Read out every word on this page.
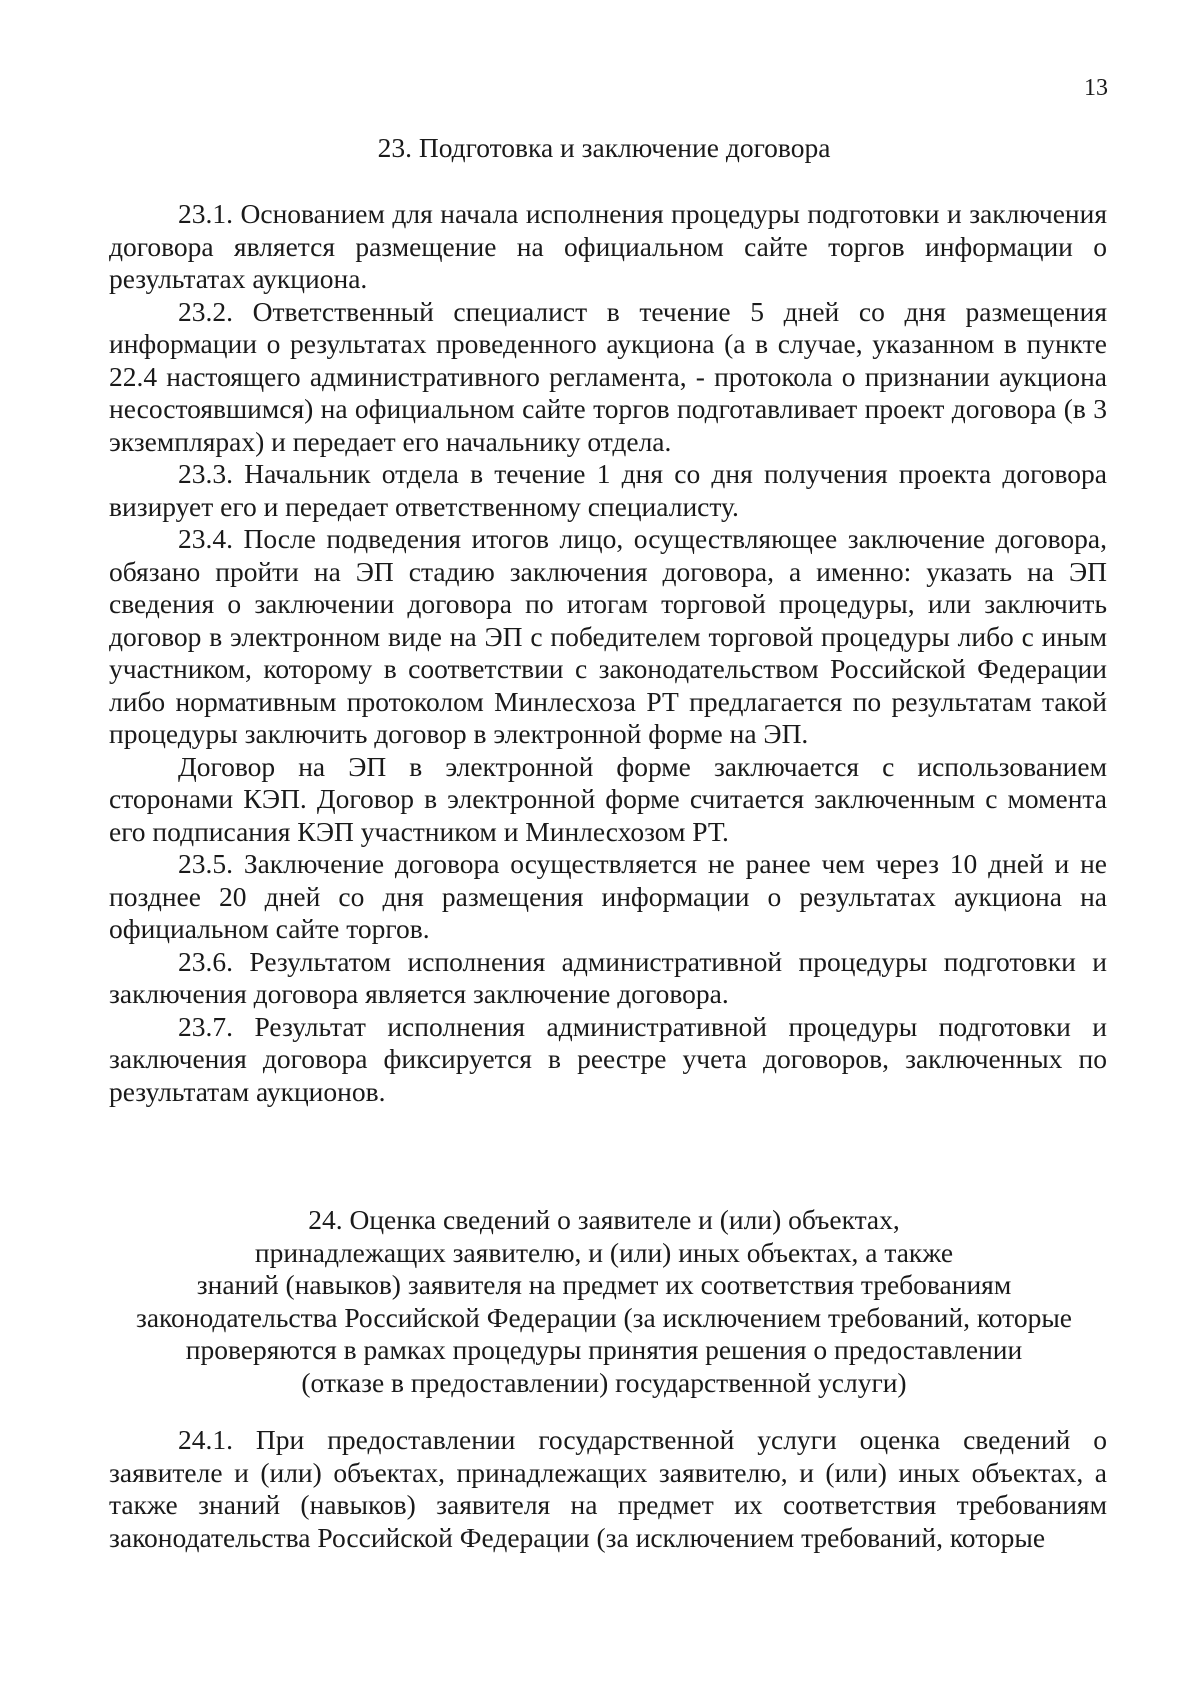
13
23. Подготовка и заключение договора

23.1. Основанием для начала исполнения процедуры подготовки и заключения договора является размещение на официальном сайте торгов информации о результатах аукциона.

23.2. Ответственный специалист в течение 5 дней со дня размещения информации о результатах проведенного аукциона (а в случае, указанном в пункте 22.4 настоящего административного регламента, - протокола о признании аукциона несостоявшимся) на официальном сайте торгов подготавливает проект договора (в 3 экземплярах) и передает его начальнику отдела.

23.3. Начальник отдела в течение 1 дня со дня получения проекта договора визирует его и передает ответственному специалисту.

23.4. После подведения итогов лицо, осуществляющее заключение договора, обязано пройти на ЭП стадию заключения договора, а именно: указать на ЭП сведения о заключении договора по итогам торговой процедуры, или заключить договор в электронном виде на ЭП с победителем торговой процедуры либо с иным участником, которому в соответствии с законодательством Российской Федерации либо нормативным протоколом Минлесхоза РТ предлагается по результатам такой процедуры заключить договор в электронной форме на ЭП.

Договор на ЭП в электронной форме заключается с использованием сторонами КЭП. Договор в электронной форме считается заключенным с момента его подписания КЭП участником и Минлесхозом РТ.

23.5. Заключение договора осуществляется не ранее чем через 10 дней и не позднее 20 дней со дня размещения информации о результатах аукциона на официальном сайте торгов.

23.6. Результатом исполнения административной процедуры подготовки и заключения договора является заключение договора.

23.7. Результат исполнения административной процедуры подготовки и заключения договора фиксируется в реестре учета договоров, заключенных по результатам аукционов.

24. Оценка сведений о заявителе и (или) объектах,
принадлежащих заявителю, и (или) иных объектах, а также
знаний (навыков) заявителя на предмет их соответствия требованиям
законодательства Российской Федерации (за исключением требований, которые
проверяются в рамках процедуры принятия решения о предоставлении
(отказе в предоставлении) государственной услуги)

24.1. При предоставлении государственной услуги оценка сведений о заявителе и (или) объектах, принадлежащих заявителю, и (или) иных объектах, а также знаний (навыков) заявителя на предмет их соответствия требованиям законодательства Российской Федерации (за исключением требований, которые
